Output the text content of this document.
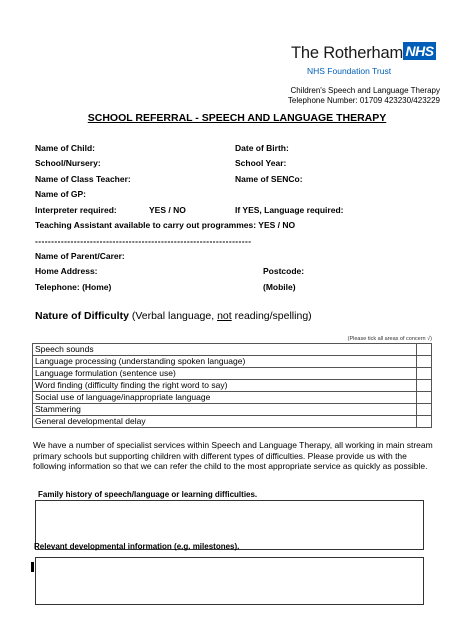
The Rotherham NHS
NHS Foundation Trust
Children's Speech and Language Therapy
Telephone Number: 01709 423230/423229
SCHOOL REFERRAL - SPEECH AND LANGUAGE THERAPY
Name of Child:	Date of Birth:
School/Nursery:	School Year:
Name of Class Teacher:	Name of SENCo:
Name of GP:
Interpreter required:	YES / NO	If YES, Language required:
Teaching Assistant available to carry out programmes: YES / NO
-------------------------------------------------------------------
Name of Parent/Carer:
Home Address:	Postcode:
Telephone: (Home)	(Mobile)
Nature of Difficulty (Verbal language, not reading/spelling)
(Please tick all areas of concern √)
Speech sounds	
Language processing (understanding spoken language)	
Language formulation (sentence use)	
Word finding (difficulty finding the right word to say)	
Social use of language/inappropriate language	
Stammering	
General developmental delay	
We have a number of specialist services within Speech and Language Therapy, all working in main stream primary schools but supporting children with different types of difficulties. Please provide us with the following information so that we can refer the child to the most appropriate service as quickly as possible.
Family history of speech/language or learning difficulties.
Relevant developmental information (e.g. milestones).
